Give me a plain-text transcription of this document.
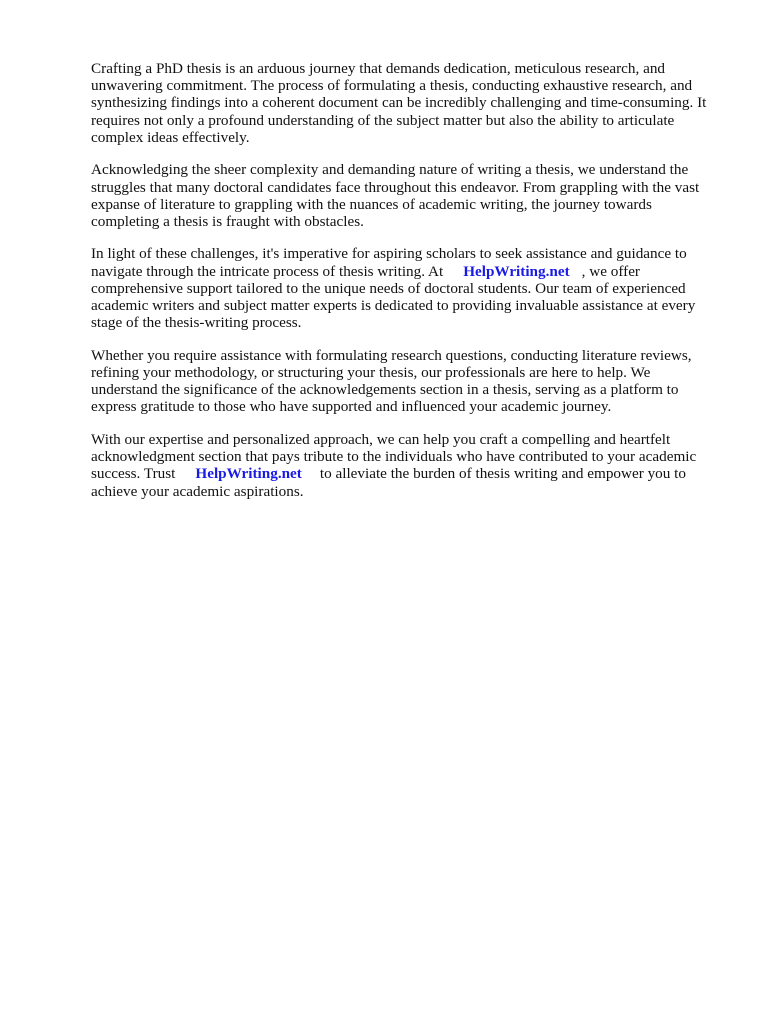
Crafting a PhD thesis is an arduous journey that demands dedication, meticulous research, and
unwavering commitment. The process of formulating a thesis, conducting exhaustive research, and
synthesizing findings into a coherent document can be incredibly challenging and time-consuming. It
requires not only a profound understanding of the subject matter but also the ability to articulate
complex ideas effectively.

Acknowledging the sheer complexity and demanding nature of writing a thesis, we understand the
struggles that many doctoral candidates face throughout this endeavor. From grappling with the vast
expanse of literature to grappling with the nuances of academic writing, the journey towards
completing a thesis is fraught with obstacles.

In light of these challenges, it's imperative for aspiring scholars to seek assistance and guidance to
navigate through the intricate process of thesis writing. At HelpWriting.net , we offer
comprehensive support tailored to the unique needs of doctoral students. Our team of experienced
academic writers and subject matter experts is dedicated to providing invaluable assistance at every
stage of the thesis-writing process.

Whether you require assistance with formulating research questions, conducting literature reviews,
refining your methodology, or structuring your thesis, our professionals are here to help. We
understand the significance of the acknowledgements section in a thesis, serving as a platform to
express gratitude to those who have supported and influenced your academic journey.

With our expertise and personalized approach, we can help you craft a compelling and heartfelt
acknowledgment section that pays tribute to the individuals who have contributed to your academic
success. Trust HelpWriting.net to alleviate the burden of thesis writing and empower you to
achieve your academic aspirations.
